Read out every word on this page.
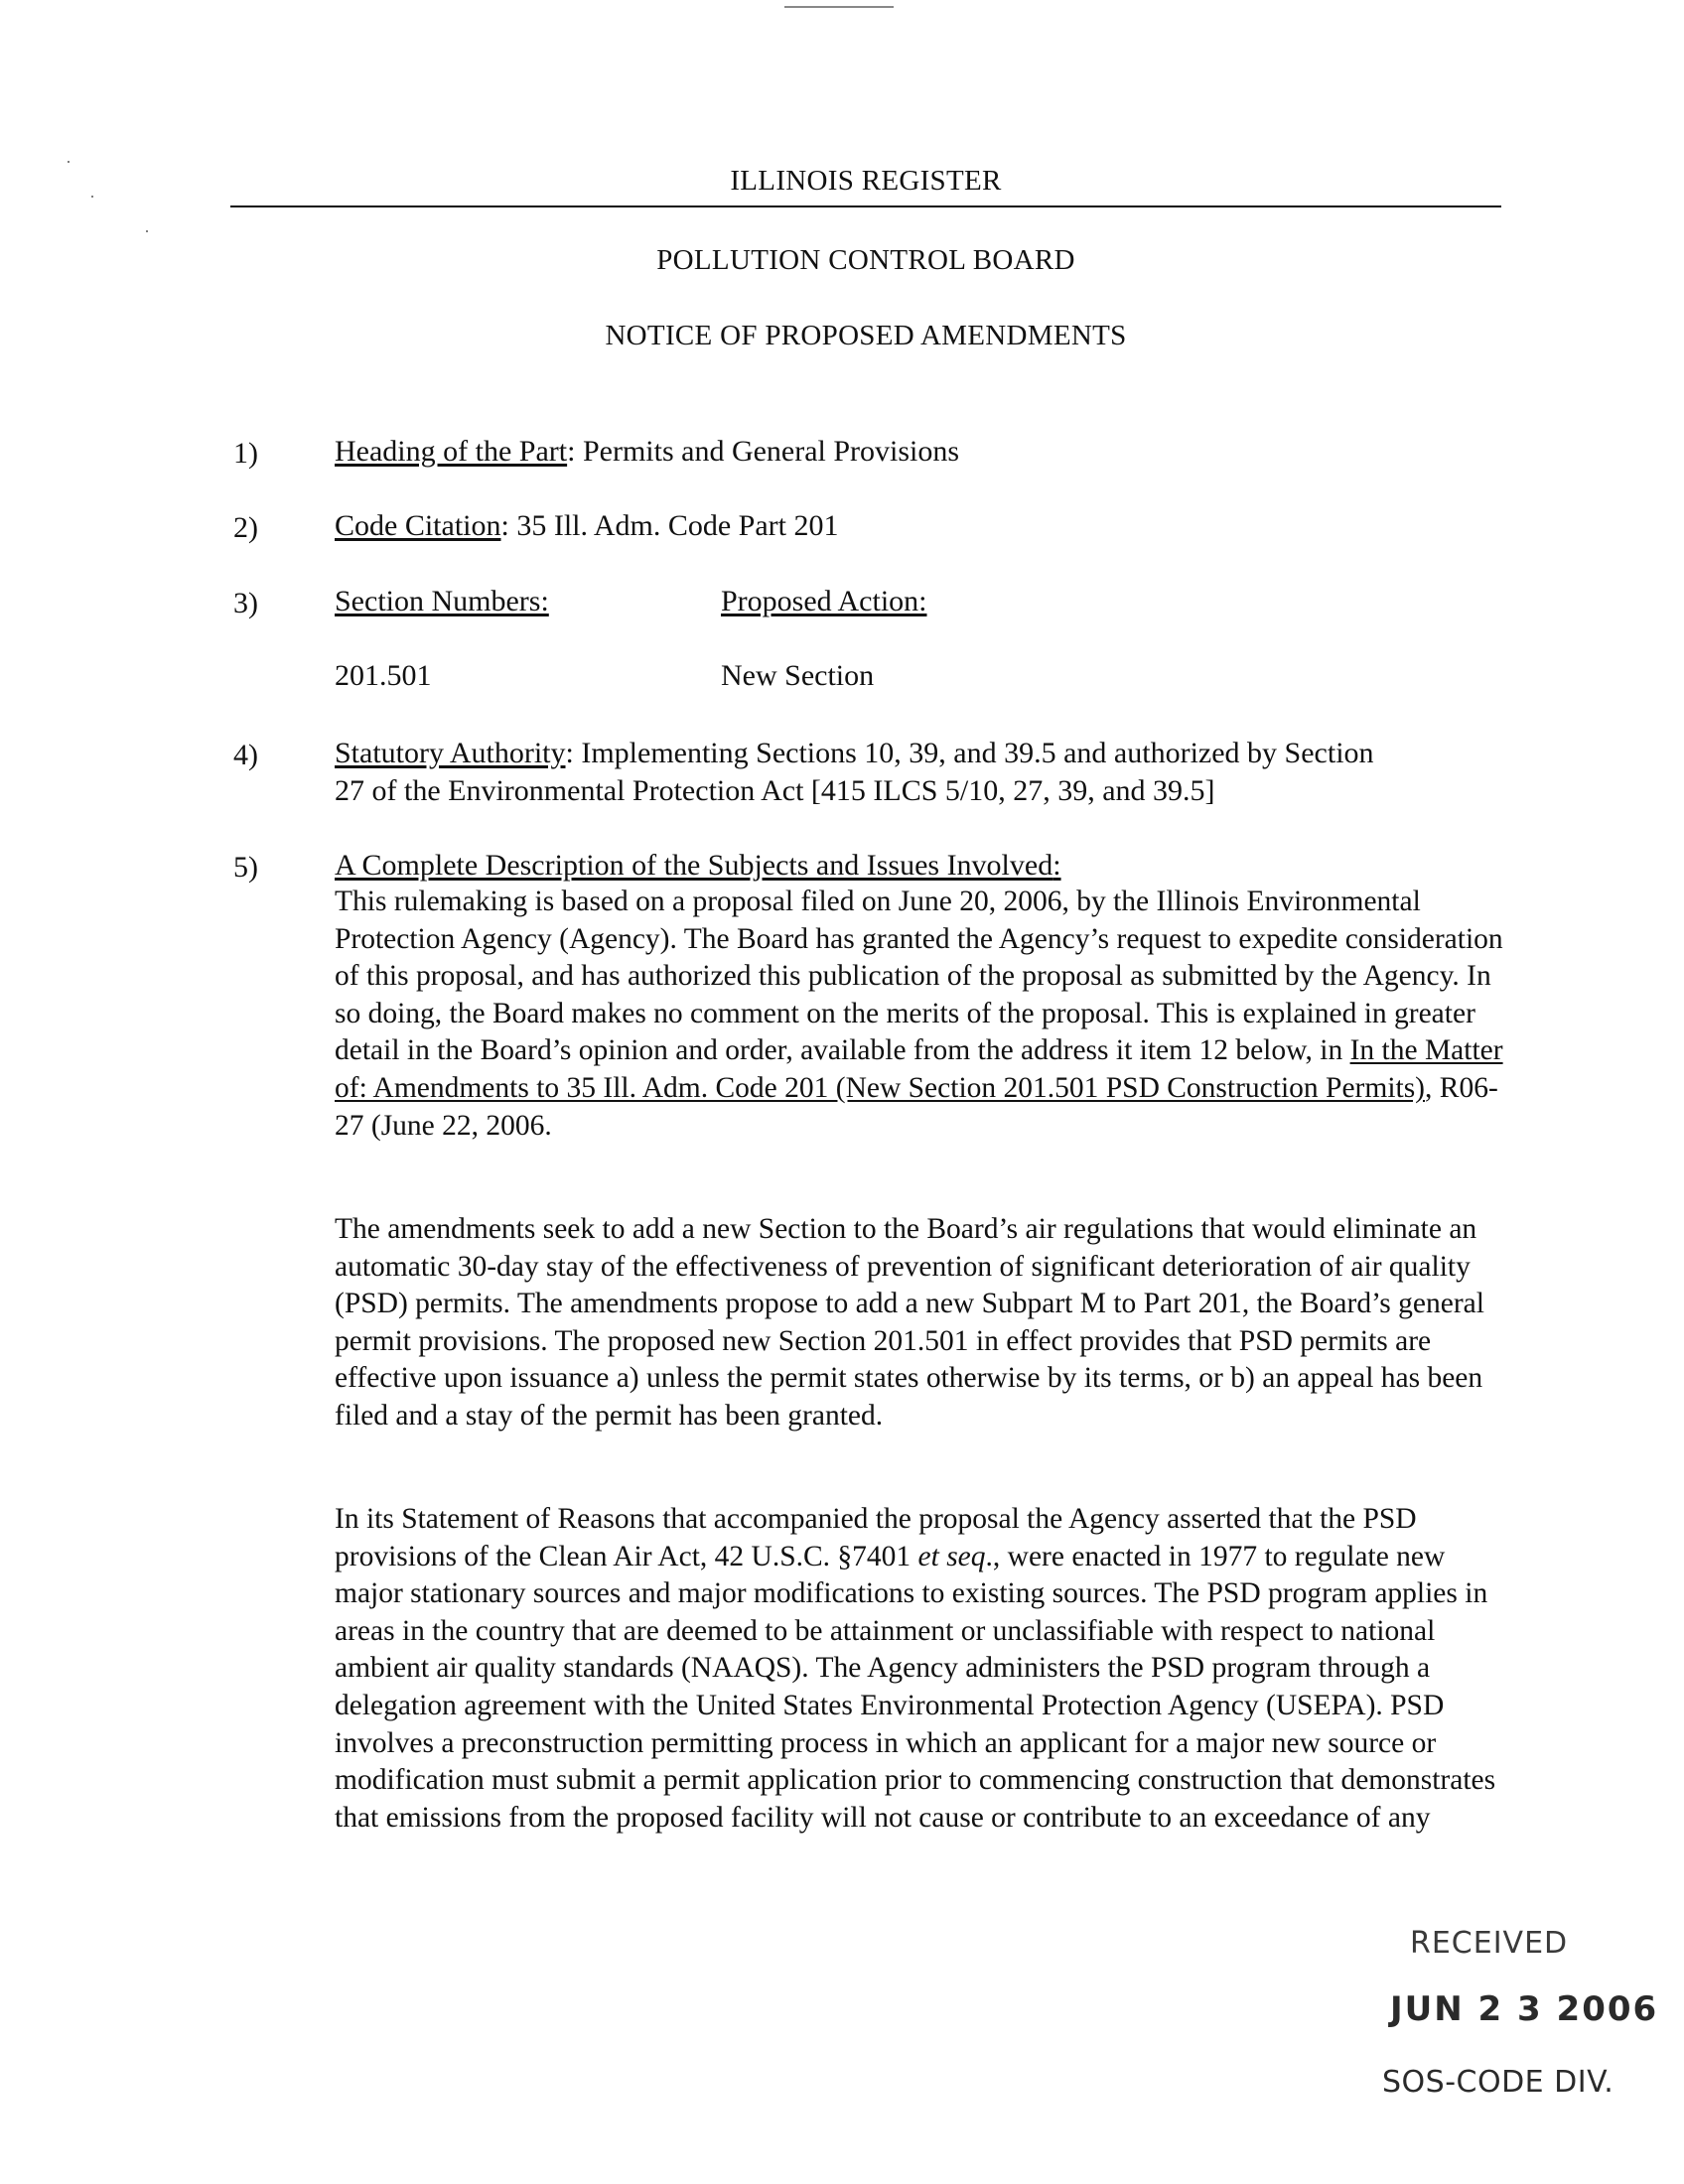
ILLINOIS REGISTER
POLLUTION CONTROL BOARD
NOTICE OF PROPOSED AMENDMENTS
1)	Heading of the Part: Permits and General Provisions
2)	Code Citation: 35 Ill. Adm. Code Part 201
3)	Section Numbers:	Proposed Action:
201.501	New Section
4)	Statutory Authority: Implementing Sections 10, 39, and 39.5 and authorized by Section
27 of the Environmental Protection Act [415 ILCS 5/10, 27, 39, and 39.5]
5)	A Complete Description of the Subjects and Issues Involved:
This rulemaking is based on a proposal filed on June 20, 2006, by the Illinois Environmental Protection Agency (Agency). The Board has granted the Agency’s request to expedite consideration of this proposal, and has authorized this publication of the proposal as submitted by the Agency. In so doing, the Board makes no comment on the merits of the proposal. This is explained in greater detail in the Board’s opinion and order, available from the address it item 12 below, in In the Matter of: Amendments to 35 Ill. Adm. Code 201 (New Section 201.501 PSD Construction Permits), R06-27 (June 22, 2006.
The amendments seek to add a new Section to the Board’s air regulations that would eliminate an automatic 30-day stay of the effectiveness of prevention of significant deterioration of air quality (PSD) permits. The amendments propose to add a new Subpart M to Part 201, the Board’s general permit provisions. The proposed new Section 201.501 in effect provides that PSD permits are effective upon issuance a) unless the permit states otherwise by its terms, or b) an appeal has been filed and a stay of the permit has been granted.
In its Statement of Reasons that accompanied the proposal the Agency asserted that the PSD provisions of the Clean Air Act, 42 U.S.C. §7401 et seq., were enacted in 1977 to regulate new major stationary sources and major modifications to existing sources. The PSD program applies in areas in the country that are deemed to be attainment or unclassifiable with respect to national ambient air quality standards (NAAQS). The Agency administers the PSD program through a delegation agreement with the United States Environmental Protection Agency (USEPA). PSD involves a preconstruction permitting process in which an applicant for a major new source or modification must submit a permit application prior to commencing construction that demonstrates that emissions from the proposed facility will not cause or contribute to an exceedance of any
RECEIVED
JUN 2 3 2006
SOS-CODE DIV.
